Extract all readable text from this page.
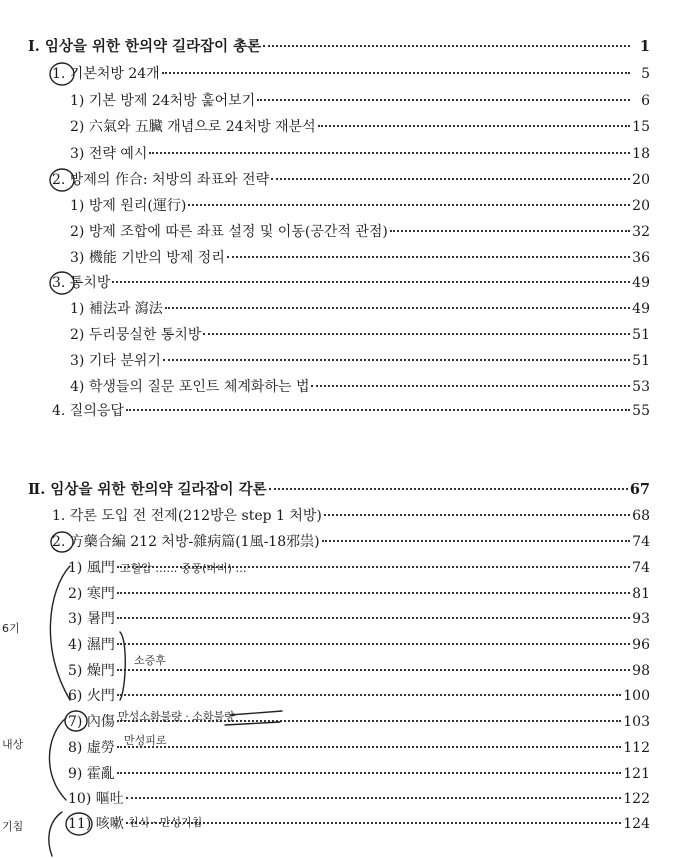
Ⅰ. 임상을 위한 한의약 길라잡이 총론	1
1. 기본처방 24개	5
1) 기본 방제 24처방 훑어보기	6
2) 六氣와 五臟 개념으로 24처방 재분석	15
3) 전략 예시	18
2. 방제의 作合: 처방의 좌표와 전략	20
1) 방제 원리(運行)	20
2) 방제 조합에 따른 좌표 설정 및 이동(공간적 관점)	32
3) 機能 기반의 방제 정리	36
3. 통치방	49
1) 補法과 瀉法	49
2) 두리뭉실한 통치방	51
3) 기타 분위기	51
4) 학생들의 질문 포인트 체계화하는 법	53
4. 질의응답	55
Ⅱ. 임상을 위한 한의약 길라잡이 각론	67
1. 각론 도입 전 전제(212방은 step 1 처방)	68
2. 方藥合編 212 처방-雜病篇(1風-18邪祟)	74
1) 風門	74
2) 寒門	81
3) 暑門	93
4) 濕門	96
5) 燥門	98
6) 火門	100
7) 內傷	103
8) 虛勞	112
9) 霍亂	121
10) 嘔吐	122
11) 咳嗽	124
고혈압 …… 중풍(마비) …
소증후
만성소화불량 · 소화불량
만성피로
천식 · 만성기침
6기
내상
기침
